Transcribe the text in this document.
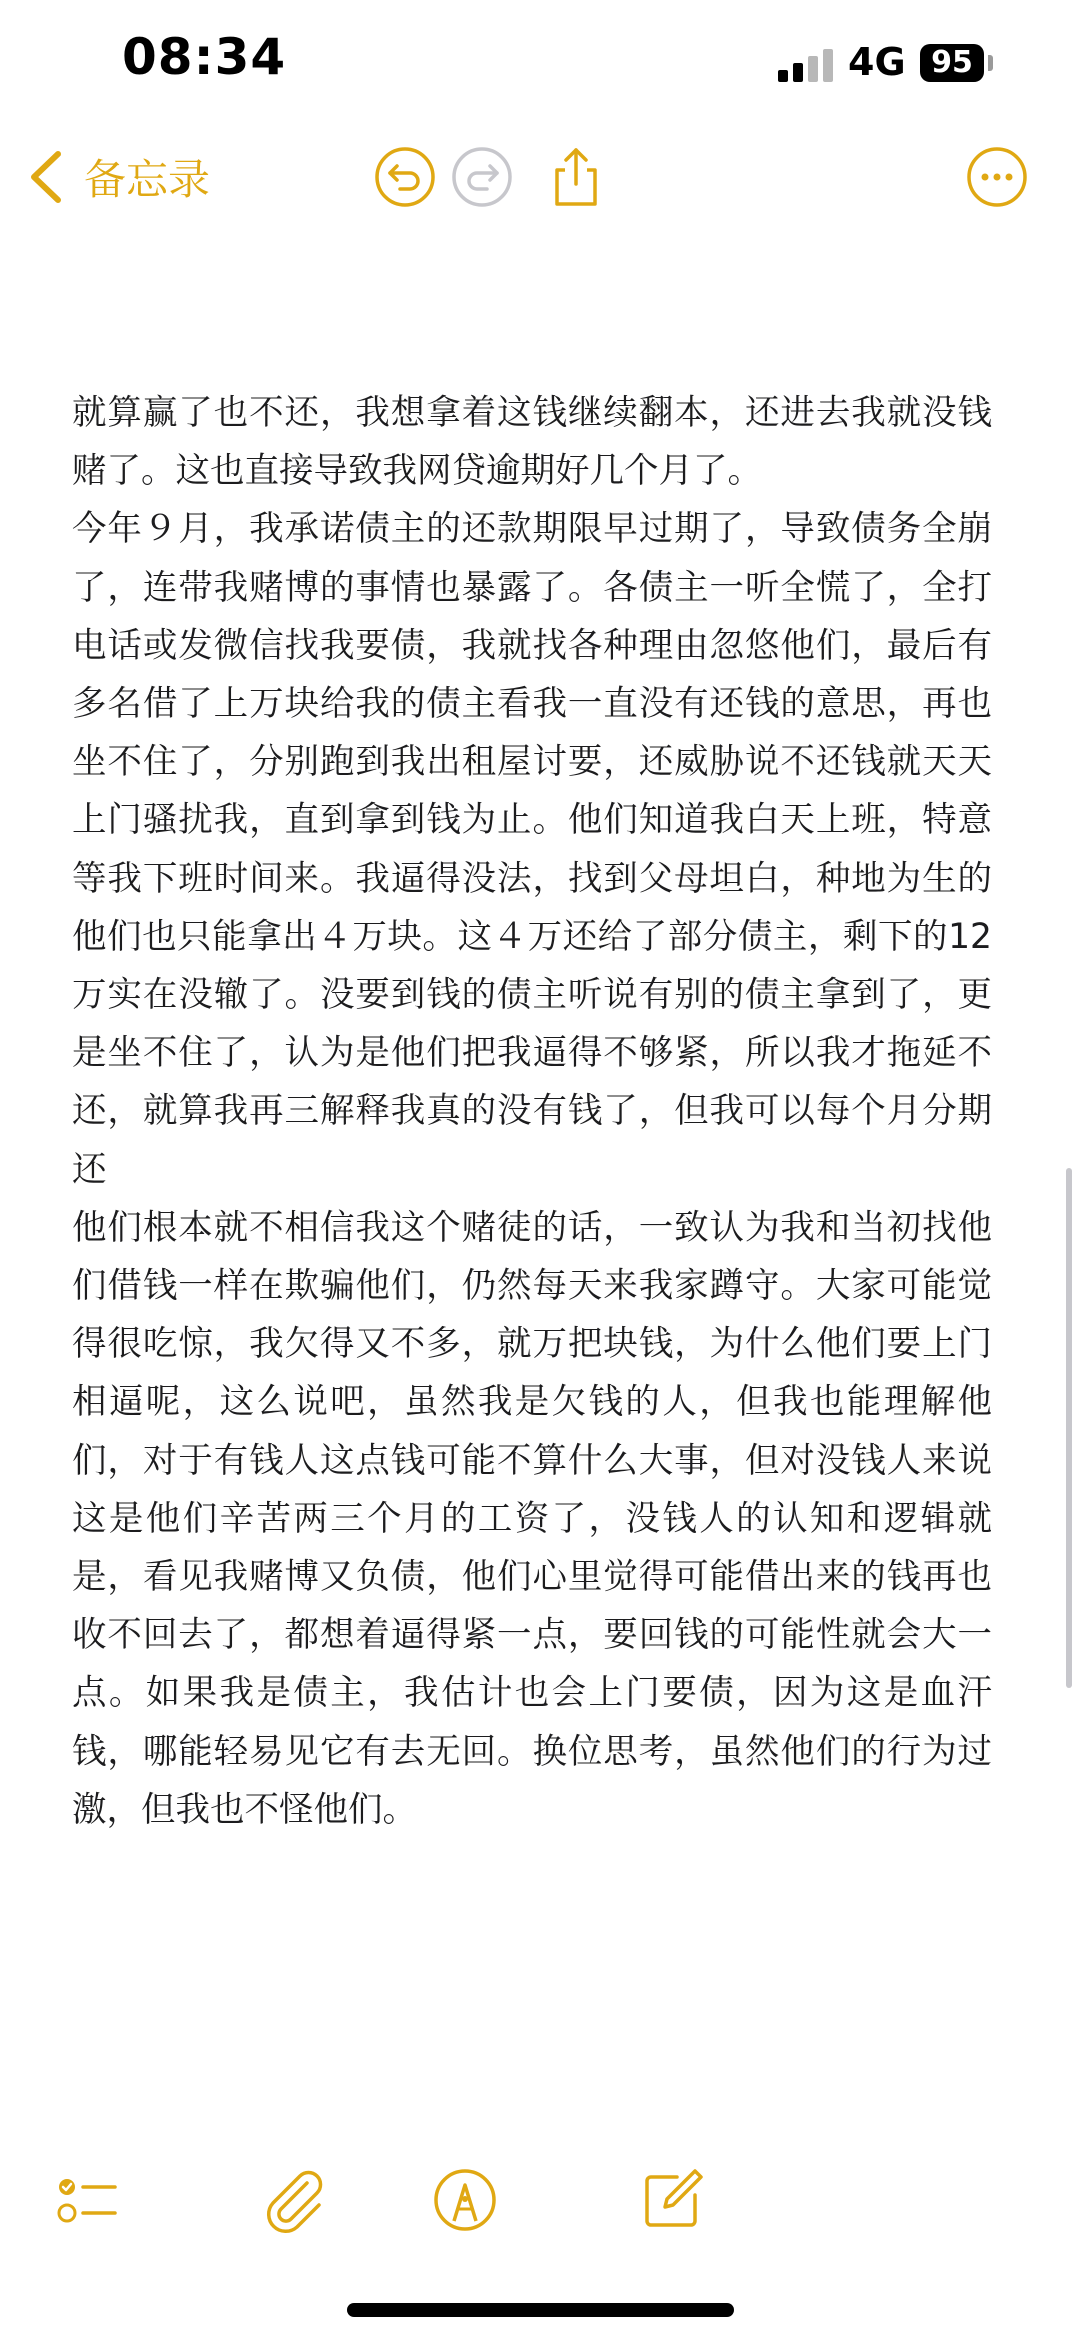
08:34	4G 95
备忘录

就算赢了也不还，我想拿着这钱继续翻本，还进去我就没钱赌了。这也直接导致我网贷逾期好几个月了。

今年９月，我承诺债主的还款期限早过期了，导致债务全崩了，连带我赌博的事情也暴露了。各债主一听全慌了，全打电话或发微信找我要债，我就找各种理由忽悠他们，最后有多名借了上万块给我的债主看我一直没有还钱的意思，再也坐不住了，分别跑到我出租屋讨要，还威胁说不还钱就天天上门骚扰我，直到拿到钱为止。他们知道我白天上班，特意等我下班时间来。我逼得没法，找到父母坦白，种地为生的他们也只能拿出４万块。这４万还给了部分债主，剩下的12万实在没辙了。没要到钱的债主听说有别的债主拿到了，更是坐不住了，认为是他们把我逼得不够紧，所以我才拖延不还，就算我再三解释我真的没有钱了，但我可以每个月分期还

他们根本就不相信我这个赌徒的话，一致认为我和当初找他们借钱一样在欺骗他们，仍然每天来我家蹲守。大家可能觉得很吃惊，我欠得又不多，就万把块钱，为什么他们要上门相逼呢，这么说吧，虽然我是欠钱的人，但我也能理解他们，对于有钱人这点钱可能不算什么大事，但对没钱人来说这是他们辛苦两三个月的工资了，没钱人的认知和逻辑就是，看见我赌博又负债，他们心里觉得可能借出来的钱再也收不回去了，都想着逼得紧一点，要回钱的可能性就会大一点。如果我是债主，我估计也会上门要债，因为这是血汗钱，哪能轻易见它有去无回。换位思考，虽然他们的行为过激，但我也不怪他们。
